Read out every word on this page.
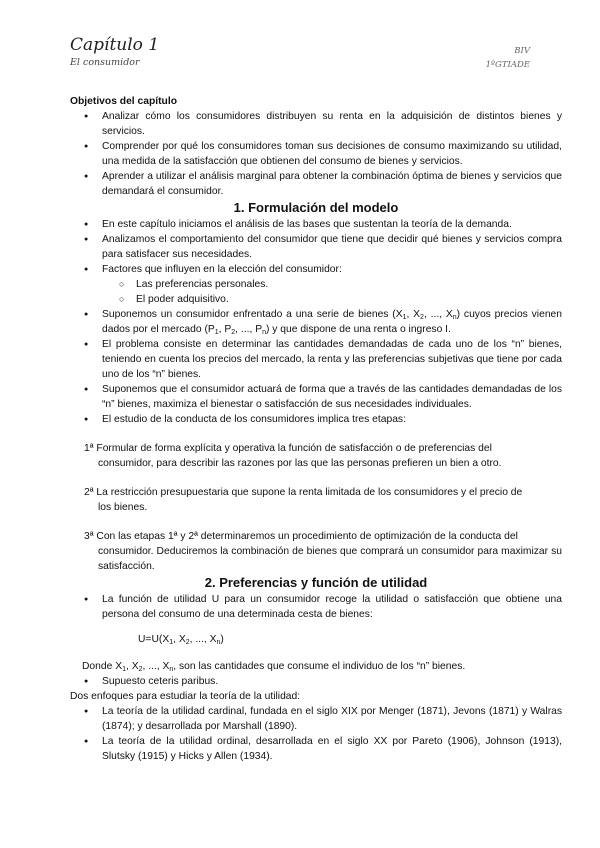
Capítulo 1
El consumidor
BIV
1ºGTIADE
Objetivos del capítulo
● Analizar cómo los consumidores distribuyen su renta en la adquisición de distintos bienes y servicios.
● Comprender por qué los consumidores toman sus decisiones de consumo maximizando su utilidad, una medida de la satisfacción que obtienen del consumo de bienes y servicios.
● Aprender a utilizar el análisis marginal para obtener la combinación óptima de bienes y servicios que demandará el consumidor.
1. Formulación del modelo
● En este capítulo iniciamos el análisis de las bases que sustentan la teoría de la demanda.
● Analizamos el comportamiento del consumidor que tiene que decidir qué bienes y servicios compra para satisfacer sus necesidades.
● Factores que influyen en la elección del consumidor:
○ Las preferencias personales.
○ El poder adquisitivo.
● Suponemos un consumidor enfrentado a una serie de bienes ($X_1$, $X_2$, ..., $X_n$) cuyos precios vienen dados por el mercado ($P_1$, $P_2$, ..., $P_n$) y que dispone de una renta o ingreso I.
● El problema consiste en determinar las cantidades demandadas de cada uno de los “n” bienes, teniendo en cuenta los precios del mercado, la renta y las preferencias subjetivas que tiene por cada uno de los “n” bienes.
● Suponemos que el consumidor actuará de forma que a través de las cantidades demandadas de los “n” bienes, maximiza el bienestar o satisfacción de sus necesidades individuales.
● El estudio de la conducta de los consumidores implica tres etapas:
1ª Formular de forma explícita y operativa la función de satisfacción o de preferencias del
consumidor, para describir las razones por las que las personas prefieren un bien a otro.
2ª La restricción presupuestaria que supone la renta limitada de los consumidores y el precio de
los bienes.
3ª Con las etapas 1ª y 2ª determinaremos un procedimiento de optimización de la conducta del
consumidor. Deduciremos la combinación de bienes que comprará un consumidor para maximizar su satisfacción.
2. Preferencias y función de utilidad
● La función de utilidad U para un consumidor recoge la utilidad o satisfacción que obtiene una persona del consumo de una determinada cesta de bienes:
$U=U(X_1$, $X_2$, ..., $X_n$)
Donde $X_1$, $X_2$, ..., $X_n$, son las cantidades que consume el individuo de los “n” bienes.
● Supuesto ceteris paribus.
Dos enfoques para estudiar la teoría de la utilidad:
● La teoría de la utilidad cardinal, fundada en el siglo XIX por Menger (1871), Jevons (1871) y Walras (1874); y desarrollada por Marshall (1890).
● La teoría de la utilidad ordinal, desarrollada en el siglo XX por Pareto (1906), Johnson (1913), Slutsky (1915) y Hicks y Allen (1934).
